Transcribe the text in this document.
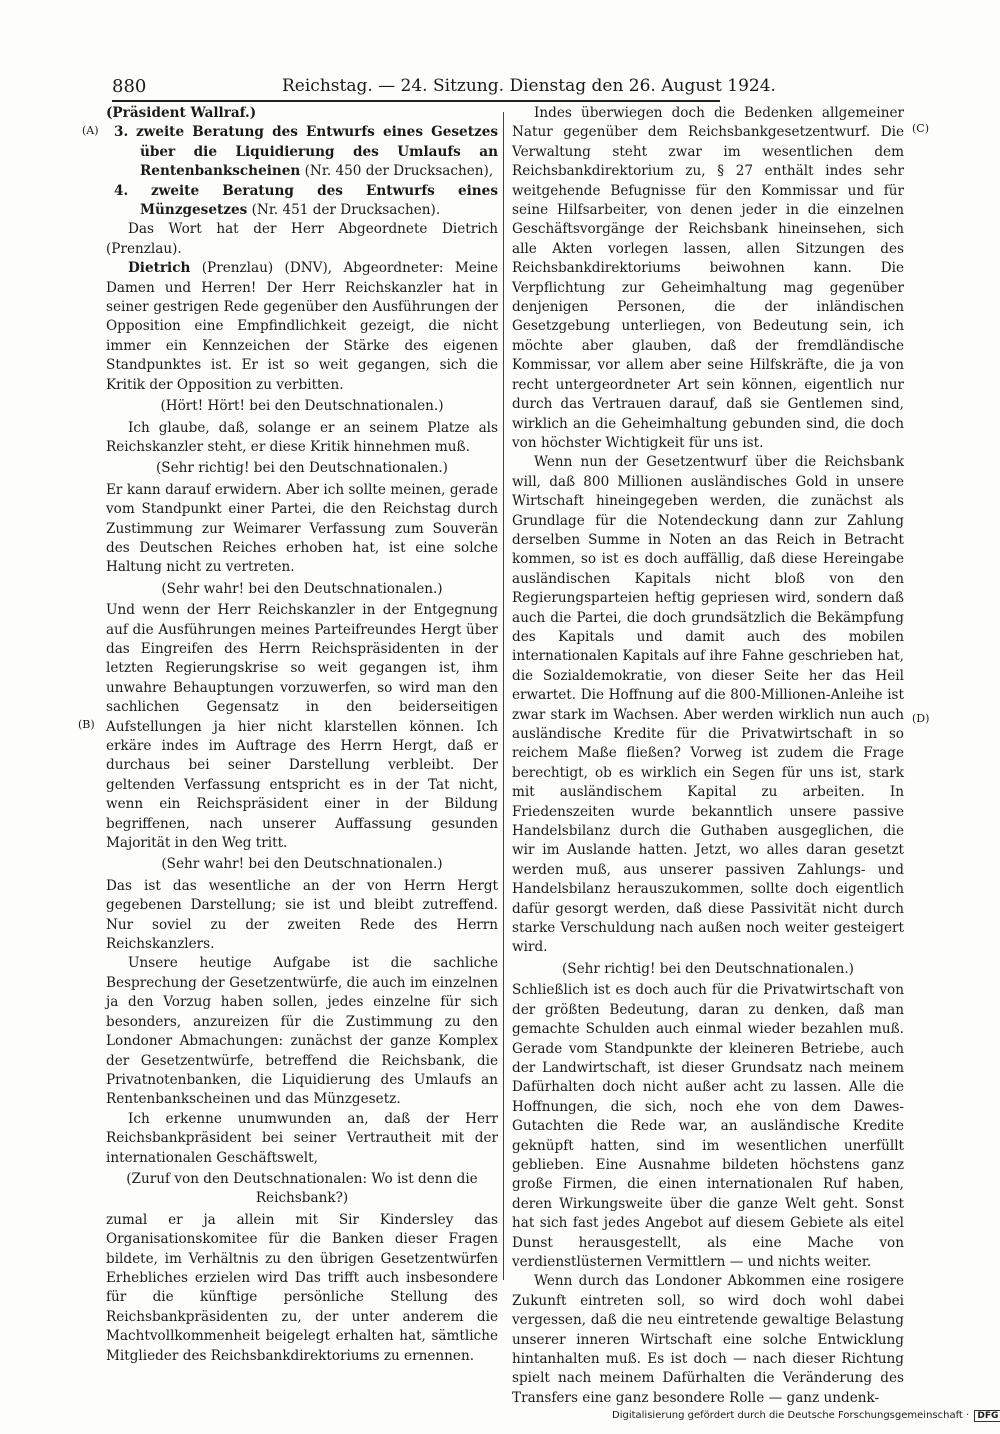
880	Reichstag. — 24. Sitzung. Dienstag den 26. August 1924.
(A)
(B)
(C)
(D)

(Präsident Wallraf.)

3. zweite Beratung des Entwurfs eines Gesetzes über die Liquidierung des Umlaufs an Rentenbankscheinen (Nr. 450 der Drucksachen),

4. zweite Beratung des Entwurfs eines Münzgesetzes (Nr. 451 der Drucksachen).

Das Wort hat der Herr Abgeordnete Dietrich (Prenzlau).

Dietrich (Prenzlau) (DNV), Abgeordneter: Meine Damen und Herren! Der Herr Reichskanzler hat in seiner gestrigen Rede gegenüber den Ausführungen der Opposition eine Empfindlichkeit gezeigt, die nicht immer ein Kennzeichen der Stärke des eigenen Standpunktes ist. Er ist so weit gegangen, sich die Kritik der Opposition zu verbitten.

(Hört! Hört! bei den Deutschnationalen.)

Ich glaube, daß, solange er an seinem Platze als Reichskanzler steht, er diese Kritik hinnehmen muß.

(Sehr richtig! bei den Deutschnationalen.)

Er kann darauf erwidern. Aber ich sollte meinen, gerade vom Standpunkt einer Partei, die den Reichstag durch Zustimmung zur Weimarer Verfassung zum Souverän des Deutschen Reiches erhoben hat, ist eine solche Haltung nicht zu vertreten.

(Sehr wahr! bei den Deutschnationalen.)

Und wenn der Herr Reichskanzler in der Entgegnung auf die Ausführungen meines Parteifreundes Hergt über das Eingreifen des Herrn Reichspräsidenten in der letzten Regierungskrise so weit gegangen ist, ihm unwahre Behauptungen vorzuwerfen, so wird man den sachlichen Gegensatz in den beiderseitigen Aufstellungen ja hier nicht klarstellen können. Ich erkäre indes im Auftrage des Herrn Hergt, daß er durchaus bei seiner Darstellung verbleibt. Der geltenden Verfassung entspricht es in der Tat nicht, wenn ein Reichspräsident einer in der Bildung begriffenen, nach unserer Auffassung gesunden Majorität in den Weg tritt.

(Sehr wahr! bei den Deutschnationalen.)

Das ist das wesentliche an der von Herrn Hergt gegebenen Darstellung; sie ist und bleibt zutreffend. Nur soviel zu der zweiten Rede des Herrn Reichskanzlers.

Unsere heutige Aufgabe ist die sachliche Besprechung der Gesetzentwürfe, die auch im einzelnen ja den Vorzug haben sollen, jedes einzelne für sich besonders, anzureizen für die Zustimmung zu den Londoner Abmachungen: zunächst der ganze Komplex der Gesetzentwürfe, betreffend die Reichsbank, die Privatnotenbanken, die Liquidierung des Umlaufs an Rentenbankscheinen und das Münzgesetz.

Ich erkenne unumwunden an, daß der Herr Reichsbankpräsident bei seiner Vertrautheit mit der internationalen Geschäftswelt,

(Zuruf von den Deutschnationalen: Wo ist denn die Reichsbank?)

zumal er ja allein mit Sir Kindersley das Organisationskomitee für die Banken dieser Fragen bildete, im Verhältnis zu den übrigen Gesetzentwürfen Erhebliches erzielen wird Das trifft auch insbesondere für die künftige persönliche Stellung des Reichsbankpräsidenten zu, der unter anderem die Machtvollkommenheit beigelegt erhalten hat, sämtliche Mitglieder des Reichsbankdirektoriums zu ernennen.

Indes überwiegen doch die Bedenken allgemeiner Natur gegenüber dem Reichsbankgesetzentwurf. Die Verwaltung steht zwar im wesentlichen dem Reichsbankdirektorium zu, § 27 enthält indes sehr weitgehende Befugnisse für den Kommissar und für seine Hilfsarbeiter, von denen jeder in die einzelnen Geschäftsvorgänge der Reichsbank hineinsehen, sich alle Akten vorlegen lassen, allen Sitzungen des Reichsbankdirektoriums beiwohnen kann. Die Verpflichtung zur Geheimhaltung mag gegenüber denjenigen Personen, die der inländischen Gesetzgebung unterliegen, von Bedeutung sein, ich möchte aber glauben, daß der fremdländische Kommissar, vor allem aber seine Hilfskräfte, die ja von recht untergeordneter Art sein können, eigentlich nur durch das Vertrauen darauf, daß sie Gentlemen sind, wirklich an die Geheimhaltung gebunden sind, die doch von höchster Wichtigkeit für uns ist.

Wenn nun der Gesetzentwurf über die Reichsbank will, daß 800 Millionen ausländisches Gold in unsere Wirtschaft hineingegeben werden, die zunächst als Grundlage für die Notendeckung dann zur Zahlung derselben Summe in Noten an das Reich in Betracht kommen, so ist es doch auffällig, daß diese Hereingabe ausländischen Kapitals nicht bloß von den Regierungsparteien heftig gepriesen wird, sondern daß auch die Partei, die doch grundsätzlich die Bekämpfung des Kapitals und damit auch des mobilen internationalen Kapitals auf ihre Fahne geschrieben hat, die Sozialdemokratie, von dieser Seite her das Heil erwartet. Die Hoffnung auf die 800-Millionen-Anleihe ist zwar stark im Wachsen. Aber werden wirklich nun auch ausländische Kredite für die Privatwirtschaft in so reichem Maße fließen? Vorweg ist zudem die Frage berechtigt, ob es wirklich ein Segen für uns ist, stark mit ausländischem Kapital zu arbeiten. In Friedenszeiten wurde bekanntlich unsere passive Handelsbilanz durch die Guthaben ausgeglichen, die wir im Auslande hatten. Jetzt, wo alles daran gesetzt werden muß, aus unserer passiven Zahlungs- und Handelsbilanz herauszukommen, sollte doch eigentlich dafür gesorgt werden, daß diese Passivität nicht durch starke Verschuldung nach außen noch weiter gesteigert wird.

(Sehr richtig! bei den Deutschnationalen.)

Schließlich ist es doch auch für die Privatwirtschaft von der größten Bedeutung, daran zu denken, daß man gemachte Schulden auch einmal wieder bezahlen muß. Gerade vom Standpunkte der kleineren Betriebe, auch der Landwirtschaft, ist dieser Grundsatz nach meinem Dafürhalten doch nicht außer acht zu lassen. Alle die Hoffnungen, die sich, noch ehe von dem Dawes-Gutachten die Rede war, an ausländische Kredite geknüpft hatten, sind im wesentlichen unerfüllt geblieben. Eine Ausnahme bildeten höchstens ganz große Firmen, die einen internationalen Ruf haben, deren Wirkungsweite über die ganze Welt geht. Sonst hat sich fast jedes Angebot auf diesem Gebiete als eitel Dunst herausgestellt, als eine Mache von verdienstlüsternen Vermittlern — und nichts weiter.

Wenn durch das Londoner Abkommen eine rosigere Zukunft eintreten soll, so wird doch wohl dabei vergessen, daß die neu eintretende gewaltige Belastung unserer inneren Wirtschaft eine solche Entwicklung hintanhalten muß. Es ist doch — nach dieser Richtung spielt nach meinem Dafürhalten die Veränderung des Transfers eine ganz besondere Rolle — ganz undenk-

Digitalisierung gefördert durch die Deutsche Forschungsgemeinschaft · DFG
